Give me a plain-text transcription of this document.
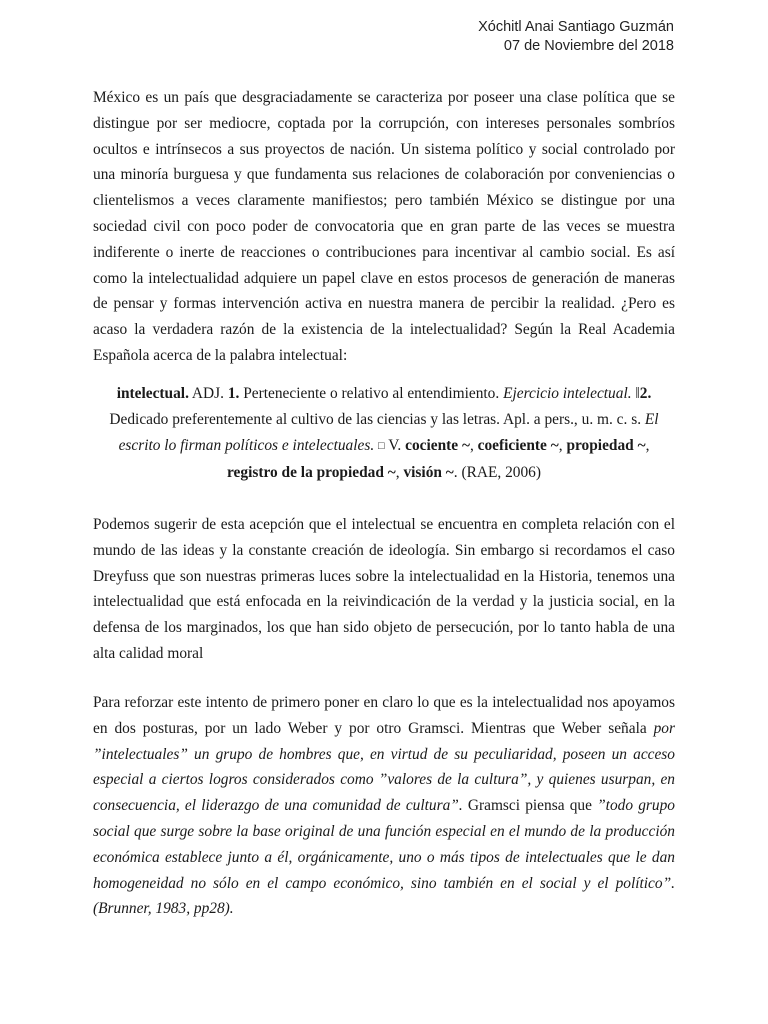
Xóchitl Anai Santiago Guzmán
07 de Noviembre del 2018

México es un país que desgraciadamente se caracteriza por poseer una clase política que se distingue por ser mediocre, coptada por la corrupción, con intereses personales sombríos ocultos e intrínsecos a sus proyectos de nación. Un sistema político y social controlado por una minoría burguesa y que fundamenta sus relaciones de colaboración por conveniencias o clientelismos a veces claramente manifiestos; pero también México se distingue por una sociedad civil con poco poder de convocatoria que en gran parte de las veces se muestra indiferente o inerte de reacciones o contribuciones para incentivar al cambio social. Es así como la intelectualidad adquiere un papel clave en estos procesos de generación de maneras de pensar y formas intervención activa en nuestra manera de percibir la realidad. ¿Pero es acaso la verdadera razón de la existencia de la intelectualidad? Según la Real Academia Española acerca de la palabra intelectual:

intelectual. ADJ. 1. Perteneciente o relativo al entendimiento. Ejercicio intelectual. ‖2. Dedicado preferentemente al cultivo de las ciencias y las letras. Apl. a pers., u. m. c. s. El escrito lo firman políticos e intelectuales. □ V. cociente ~, coeficiente ~, propiedad ~,
registro de la propiedad ~, visión ~. (RAE, 2006)

Podemos sugerir de esta acepción que el intelectual se encuentra en completa relación con el mundo de las ideas y la constante creación de ideología. Sin embargo si recordamos el caso Dreyfuss que son nuestras primeras luces sobre la intelectualidad en la Historia, tenemos una intelectualidad que está enfocada en la reivindicación de la verdad y la justicia social, en la defensa de los marginados, los que han sido objeto de persecución, por lo tanto habla de una alta calidad moral

Para reforzar este intento de primero poner en claro lo que es la intelectualidad nos apoyamos en dos posturas, por un lado Weber y por otro Gramsci. Mientras que Weber señala por ”intelectuales” un grupo de hombres que, en virtud de su peculiaridad, poseen un acceso especial a ciertos logros considerados como ”valores de la cultura”, y quienes usurpan, en consecuencia, el liderazgo de una comunidad de cultura”. Gramsci piensa que ”todo grupo social que surge sobre la base original de una función especial en el mundo de la producción económica establece junto a él, orgánicamente, uno o más tipos de intelectuales que le dan homogeneidad no sólo en el campo económico, sino también en el social y el político”. (Brunner, 1983, pp28).
